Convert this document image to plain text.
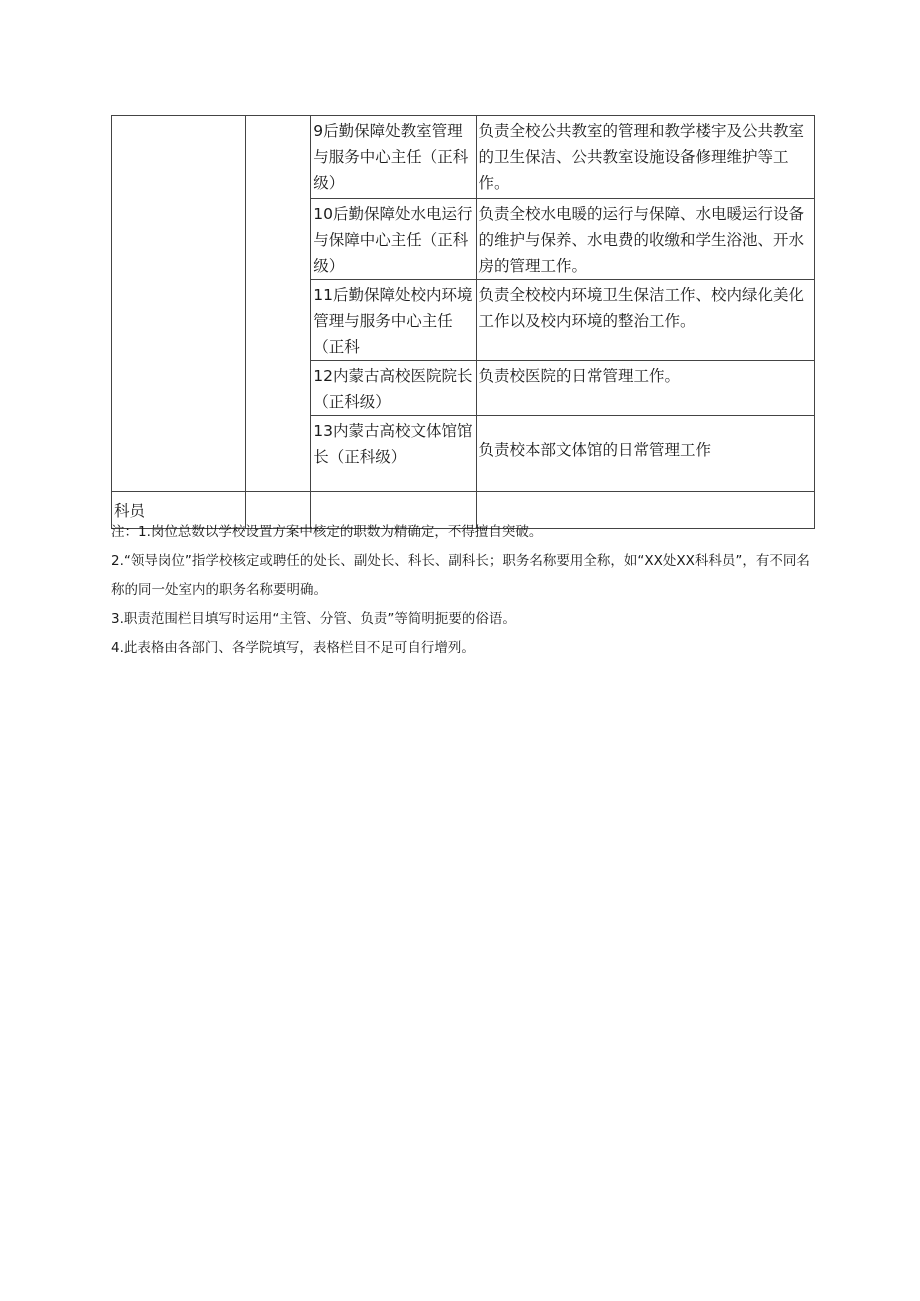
		9后勤保障处教室管理与服务中心主任（正科级）	负责全校公共教室的管理和教学楼宇及公共教室的卫生保洁、公共教室设施设备修理维护等工作。
		10后勤保障处水电运行与保障中心主任（正科级）	负责全校水电暖的运行与保障、水电暖运行设备的维护与保养、水电费的收缴和学生浴池、开水房的管理工作。
		11后勤保障处校内环境管理与服务中心主任（正科	负责全校校内环境卫生保洁工作、校内绿化美化工作以及校内环境的整治工作。
		12内蒙古高校医院院长（正科级）	负责校医院的日常管理工作。
		13内蒙古高校文体馆馆长（正科级）	负责校本部文体馆的日常管理工作
科员			

注：1.岗位总数以学校设置方案中核定的职数为精确定，不得擅自突破。

2.“领导岗位”指学校核定或聘任的处长、副处长、科长、副科长；职务名称要用全称，如“XX处XX科科员”，有不同名称的同一处室内的职务名称要明确。

3.职责范围栏目填写时运用“主管、分管、负责”等简明扼要的俗语。

4.此表格由各部门、各学院填写，表格栏目不足可自行增列。
